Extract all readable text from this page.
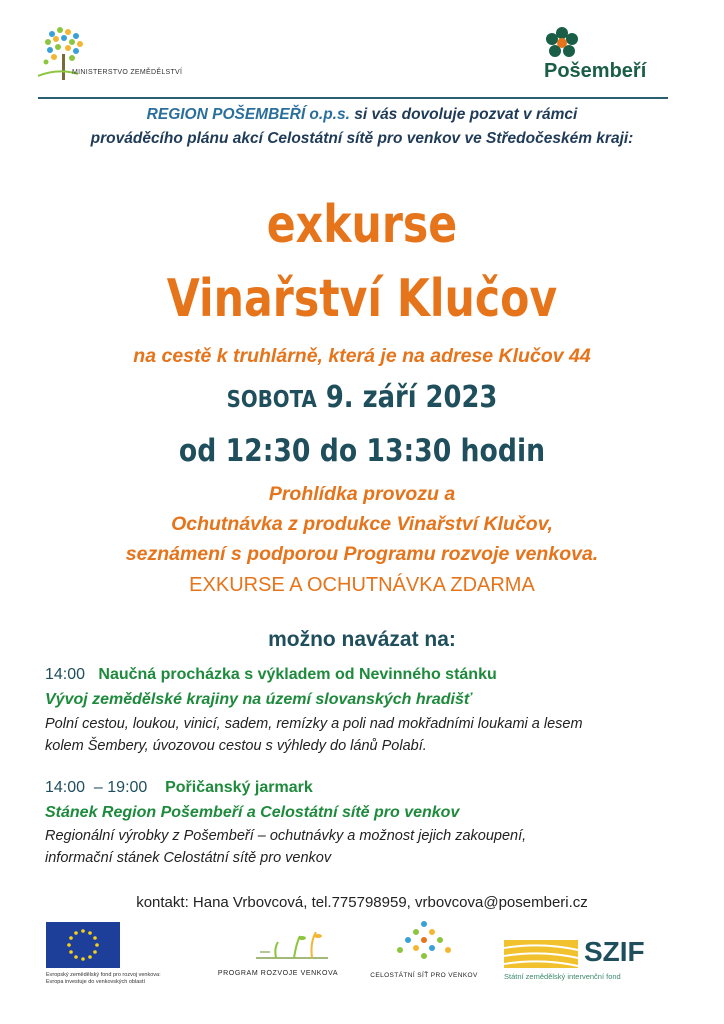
MINISTERSTVO ZEMĚDĚLSTVÍ	Pošembeří
REGION POŠEMBEŘÍ o.p.s. si vás dovoluje pozvat v rámci
prováděcího plánu akcí Celostátní sítě pro venkov ve Středočeském kraji:
exkurse
Vinařství Klučov
na cestě k truhlárně, která je na adrese Klučov 44
SOBOTA 9. září 2023
od 12:30 do 13:30 hodin
Prohlídka provozu a
Ochutnávka z produkce Vinařství Klučov,
seznámení s podporou Programu rozvoje venkova.
EXKURSE A OCHUTNÁVKA ZDARMA
možno navázat na:
14:00 Naučná procházka s výkladem od Nevinného stánku
Vývoj zemědělské krajiny na území slovanských hradišť
Polní cestou, loukou, vinicí, sadem, remízky a poli nad mokřadními loukami a lesem
kolem Šembery, úvozovou cestou s výhledy do lánů Polabí.
14:00  – 19:00 Pořičanský jarmark
Stánek Region Pošembeří a Celostátní sítě pro venkov
Regionální výrobky z Pošembeří – ochutnávky a možnost jejich zakoupení,
informační stánek Celostátní sítě pro venkov
kontakt: Hana Vrbovcová, tel.775798959, vrbovcova@posemberi.cz
Evropský zemědělský fond pro rozvoj venkova:
Evropa investuje do venkovských oblastí
PROGRAM ROZVOJE VENKOVA	CELOSTÁTNÍ SÍŤ PRO VENKOV
SZIF
Státní zemědělský intervenční fond
